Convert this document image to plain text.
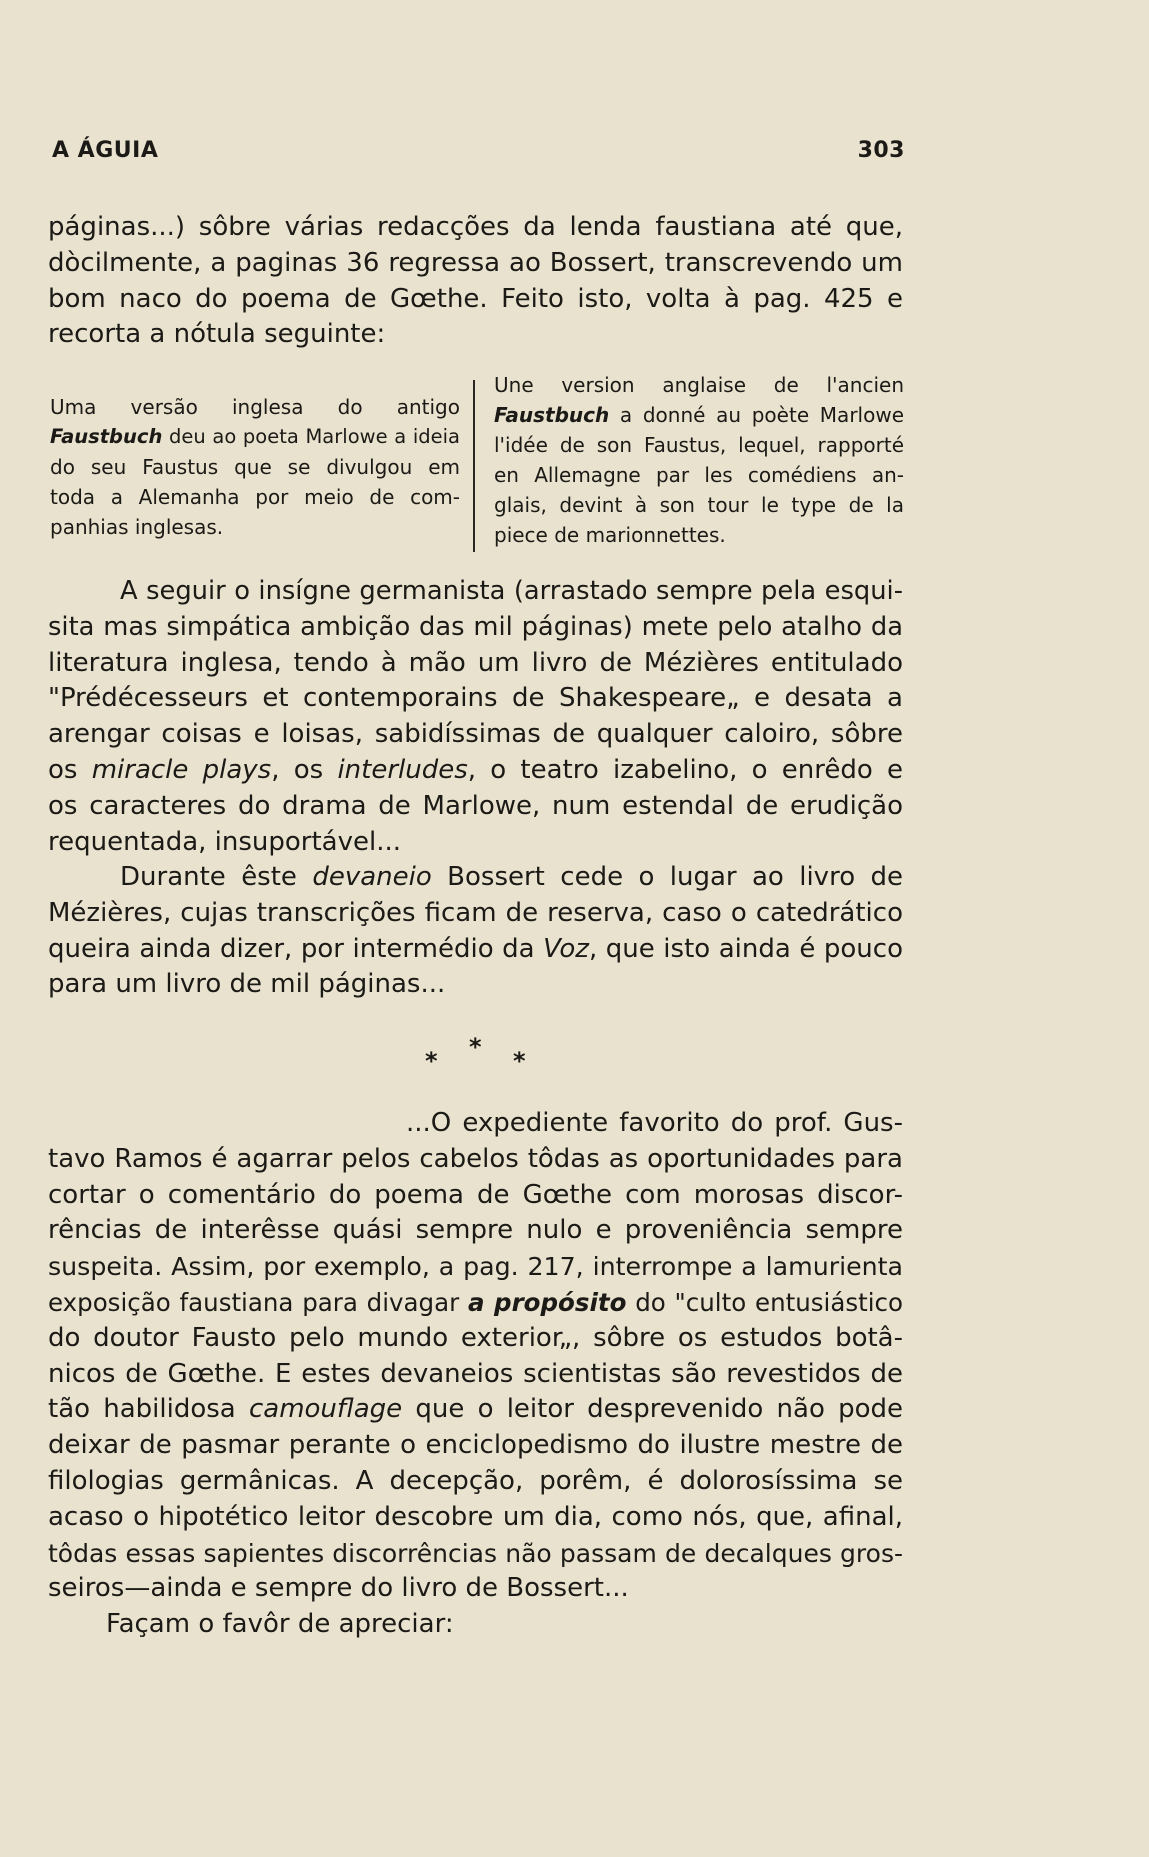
A ÁGUIA	303
páginas...) sôbre várias redacções da lenda faustiana até que,
dòcilmente, a paginas 36 regressa ao Bossert, transcrevendo um
bom naco do poema de Gœthe. Feito isto, volta à pag. 425 e
recorta a nótula seguinte:
Uma versão inglesa do antigo
Faustbuch deu ao poeta Marlowe a ideia
do seu Faustus que se divulgou em
toda a Alemanha por meio de com-
panhias inglesas.
Une version anglaise de l'ancien
Faustbuch a donné au poète Marlowe
l'idée de son Faustus, lequel, rapporté
en Allemagne par les comédiens an-
glais, devint à son tour le type de la
piece de marionnettes.
A seguir o insígne germanista (arrastado sempre pela esqui-
sita mas simpática ambição das mil páginas) mete pelo atalho da
literatura inglesa, tendo à mão um livro de Mézières entitulado
"Prédécesseurs et contemporains de Shakespeare„ e desata a
arengar coisas e loisas, sabidíssimas de qualquer caloiro, sôbre
os miracle plays, os interludes, o teatro izabelino, o enrêdo e
os caracteres do drama de Marlowe, num estendal de erudição
requentada, insuportável...
Durante êste devaneio Bossert cede o lugar ao livro de
Mézières, cujas transcrições ficam de reserva, caso o catedrático
queira ainda dizer, por intermédio da Voz, que isto ainda é pouco
para um livro de mil páginas...
* * *
...O expediente favorito do prof. Gus-
tavo Ramos é agarrar pelos cabelos tôdas as oportunidades para
cortar o comentário do poema de Gœthe com morosas discor-
rências de interêsse quási sempre nulo e proveniência sempre
suspeita. Assim, por exemplo, a pag. 217, interrompe a lamurienta
exposição faustiana para divagar a propósito do "culto entusiástico
do doutor Fausto pelo mundo exterior„, sôbre os estudos botâ-
nicos de Gœthe. E estes devaneios scientistas são revestidos de
tão habilidosa camouflage que o leitor desprevenido não pode
deixar de pasmar perante o enciclopedismo do ilustre mestre de
filologias germânicas. A decepção, porêm, é dolorosíssima se
acaso o hipotético leitor descobre um dia, como nós, que, afinal,
tôdas essas sapientes discorrências não passam de decalques gros-
seiros—ainda e sempre do livro de Bossert...
Façam o favôr de apreciar:
